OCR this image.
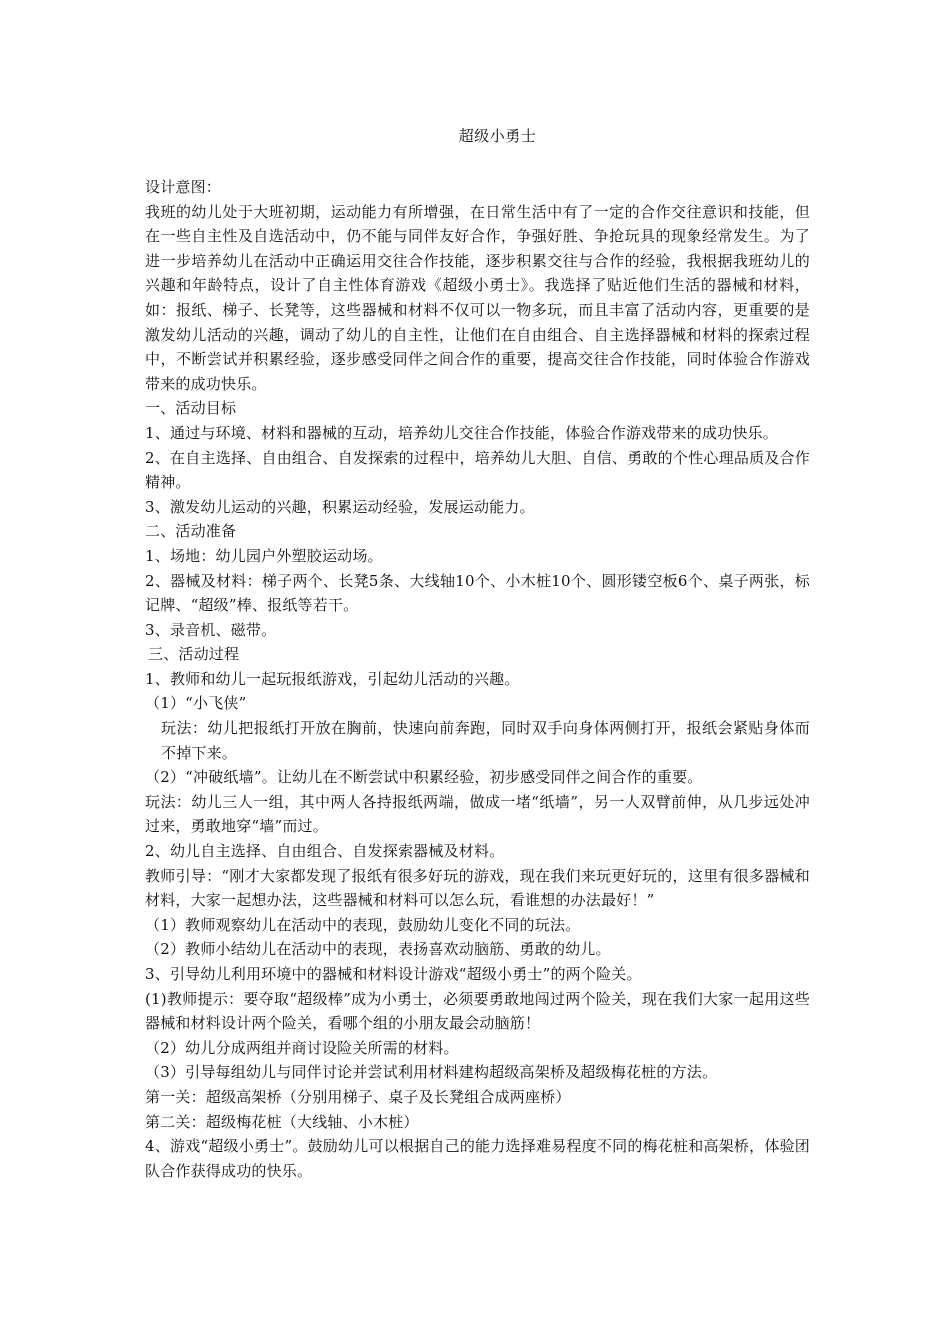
超级小勇士

设计意图：

我班的幼儿处于大班初期，运动能力有所增强，在日常生活中有了一定的合作交往意识和技能，但在一些自主性及自选活动中，仍不能与同伴友好合作，争强好胜、争抢玩具的现象经常发生。为了进一步培养幼儿在活动中正确运用交往合作技能，逐步积累交往与合作的经验，我根据我班幼儿的兴趣和年龄特点，设计了自主性体育游戏《超级小勇士》。我选择了贴近他们生活的器械和材料，如：报纸、梯子、长凳等，这些器械和材料不仅可以一物多玩，而且丰富了活动内容，更重要的是激发幼儿活动的兴趣，调动了幼儿的自主性，让他们在自由组合、自主选择器械和材料的探索过程中，不断尝试并积累经验，逐步感受同伴之间合作的重要，提高交往合作技能，同时体验合作游戏带来的成功快乐。

一、活动目标

1、通过与环境、材料和器械的互动，培养幼儿交往合作技能，体验合作游戏带来的成功快乐。

2、在自主选择、自由组合、自发探索的过程中，培养幼儿大胆、自信、勇敢的个性心理品质及合作精神。

3、激发幼儿运动的兴趣，积累运动经验，发展运动能力。

二、活动准备

1、场地：幼儿园户外塑胶运动场。

2、器械及材料：梯子两个、长凳5条、大线轴10个、小木桩10个、圆形镂空板6个、桌子两张，标记牌、“超级”棒、报纸等若干。

3、录音机、磁带。

三、活动过程

1、教师和幼儿一起玩报纸游戏，引起幼儿活动的兴趣。

（1）“小飞侠”

玩法：幼儿把报纸打开放在胸前，快速向前奔跑，同时双手向身体两侧打开，报纸会紧贴身体而不掉下来。

（2）“冲破纸墙”。让幼儿在不断尝试中积累经验，初步感受同伴之间合作的重要。

玩法：幼儿三人一组，其中两人各持报纸两端，做成一堵“纸墙”，另一人双臂前伸，从几步远处冲过来，勇敢地穿“墙”而过。

2、幼儿自主选择、自由组合、自发探索器械及材料。

教师引导：“刚才大家都发现了报纸有很多好玩的游戏，现在我们来玩更好玩的，这里有很多器械和材料，大家一起想办法，这些器械和材料可以怎么玩，看谁想的办法最好！”

（1）教师观察幼儿在活动中的表现，鼓励幼儿变化不同的玩法。

（2）教师小结幼儿在活动中的表现，表扬喜欢动脑筋、勇敢的幼儿。

3、引导幼儿利用环境中的器械和材料设计游戏“超级小勇士”的两个险关。

(1)教师提示：要夺取“超级棒”成为小勇士，必须要勇敢地闯过两个险关，现在我们大家一起用这些器械和材料设计两个险关，看哪个组的小朋友最会动脑筋！

（2）幼儿分成两组并商讨设险关所需的材料。

（3）引导每组幼儿与同伴讨论并尝试利用材料建构超级高架桥及超级梅花桩的方法。

第一关：超级高架桥（分别用梯子、桌子及长凳组合成两座桥）

第二关：超级梅花桩（大线轴、小木桩）

4、游戏“超级小勇士”。鼓励幼儿可以根据自己的能力选择难易程度不同的梅花桩和高架桥，体验团队合作获得成功的快乐。
